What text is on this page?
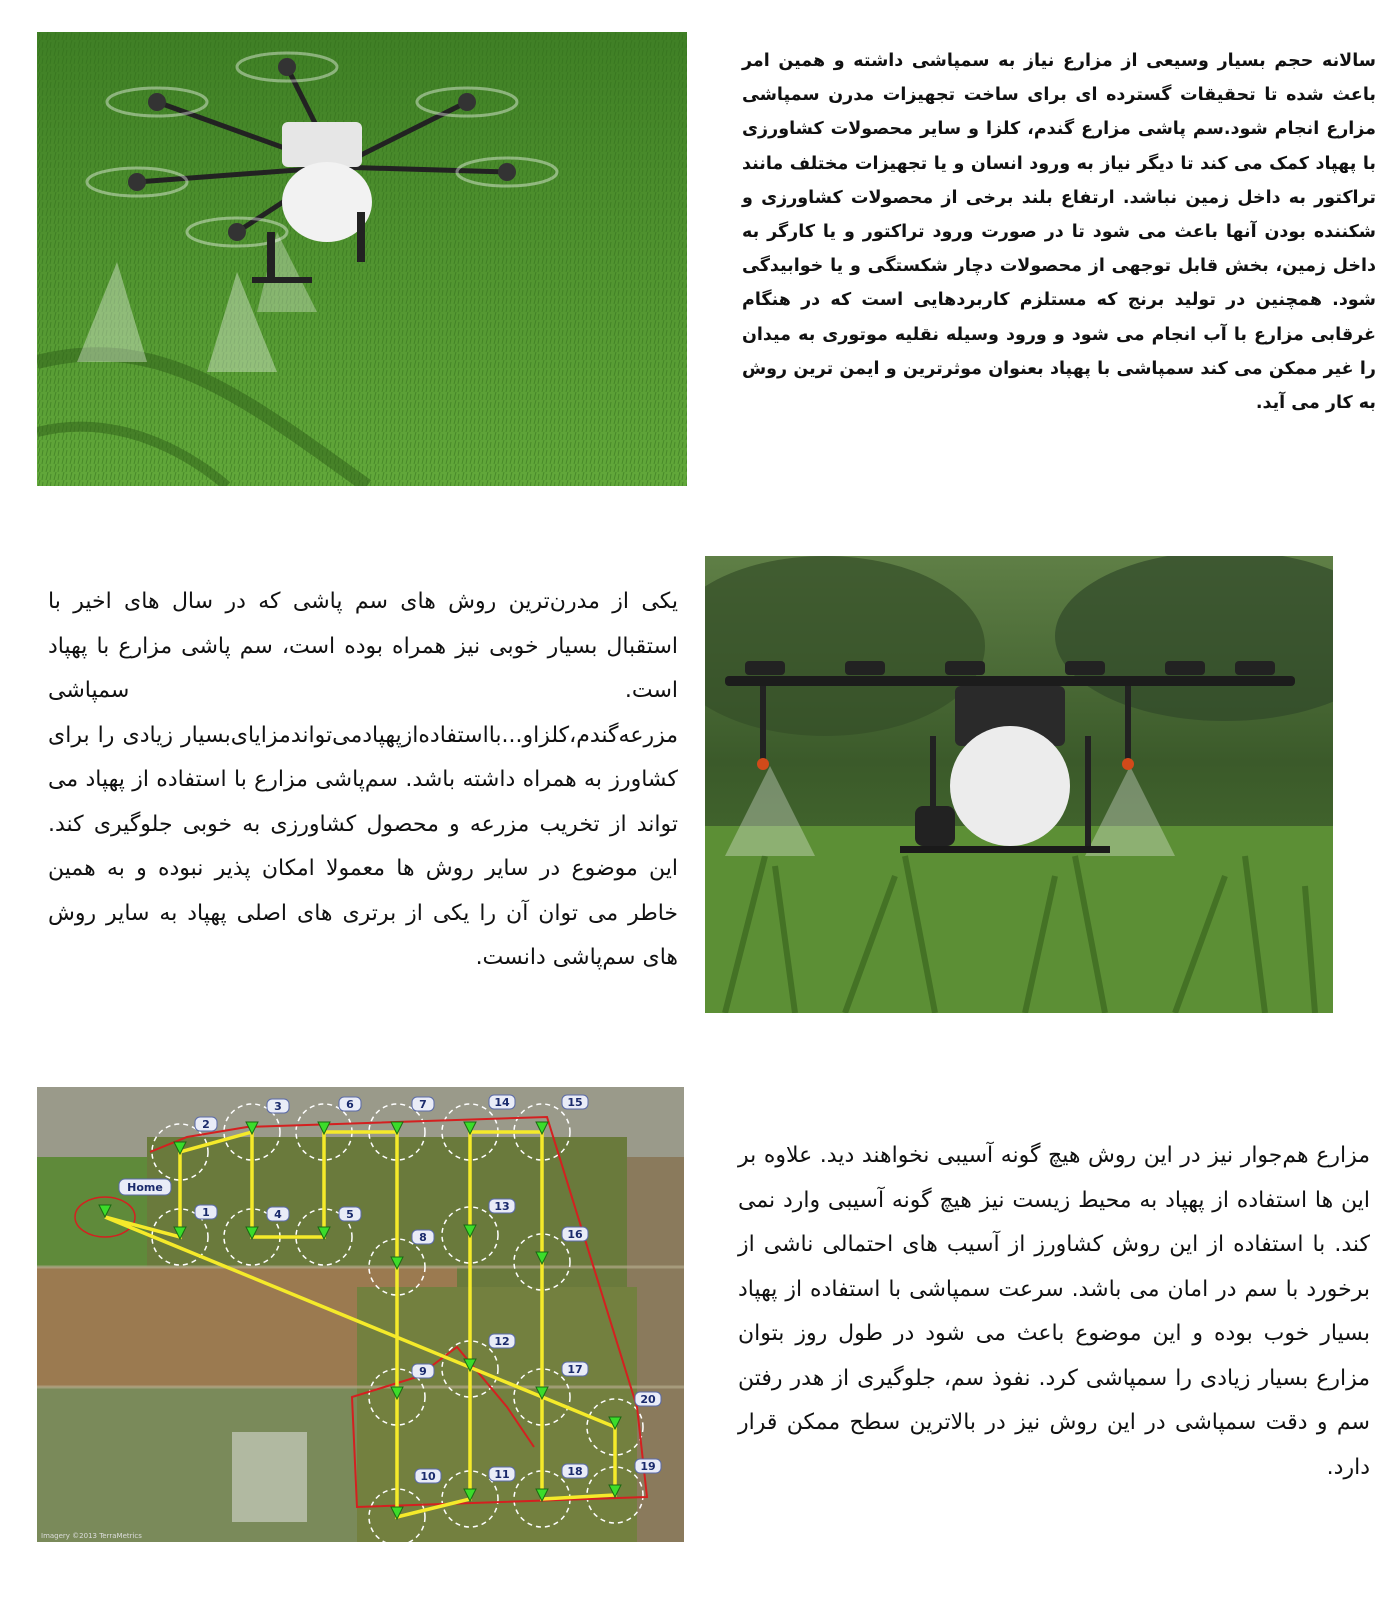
سالانه حجم بسیار وسیعی از مزارع نیاز به سمپاشی داشته و همین امر باعث شده تا تحقیقات گسترده ای برای ساخت تجهیزات مدرن سمپاشی مزارع انجام شود.سم پاشی مزارع گندم، کلزا و سایر محصولات کشاورزی با پهپاد کمک می کند تا دیگر نیاز به ورود انسان و یا تجهیزات مختلف مانند تراکتور به داخل زمین نباشد. ارتفاع بلند برخی از محصولات کشاورزی و شکننده بودن آنها باعث می شود تا در صورت ورود تراکتور و یا کارگر به داخل زمین، بخش قابل توجهی از محصولات دچار شکستگی و یا خوابیدگی شود. همچنین در تولید برنج که مستلزم کاربردهایی است که در هنگام غرقابی مزارع با آب انجام می شود و ورود وسیله نقلیه موتوری به میدان را غیر ممکن می کند سمپاشی با پهپاد بعنوان موثرترین و ایمن ترین روش به کار می آید.

یکی از مدرن‌ترین روش های سم پاشی که در سال های اخیر با استقبال بسیار خوبی نیز همراه بوده است، سم پاشی مزارع با پهپاد است. سمپاشی مزرعه‌گندم،کلزاو...بااستفاده‌ازپهپادمی‌تواندمزایای‌بسیار زیادی را برای کشاورز به همراه داشته باشد. سم‌پاشی مزارع با استفاده از پهپاد می تواند از تخریب مزرعه و محصول کشاورزی به خوبی جلوگیری کند. این موضوع در سایر روش ها معمولا امکان پذیر نبوده و به همین خاطر می توان آن را یکی از برتری های اصلی پهپاد به سایر روش های سم‌پاشی دانست.

Home
1
2
3
4	5
6	7
8
9
10	11
12
13
14	15
16
17
18	19
20
Imagery ©2013 TerraMetrics

مزارع هم‌جوار نیز در این روش هیچ گونه آسیبی نخواهند دید. علاوه بر این ها استفاده از پهپاد به محیط زیست نیز هیچ گونه آسیبی وارد نمی کند. با استفاده از این روش کشاورز از آسیب های احتمالی ناشی از برخورد با سم در امان می باشد. سرعت سمپاشی با استفاده از پهپاد بسیار خوب بوده و این موضوع باعث می شود در طول روز بتوان مزارع بسیار زیادی را سمپاشی کرد. نفوذ سم، جلوگیری از هدر رفتن سم و دقت سمپاشی در این روش نیز در بالاترین سطح ممکن قرار دارد.
